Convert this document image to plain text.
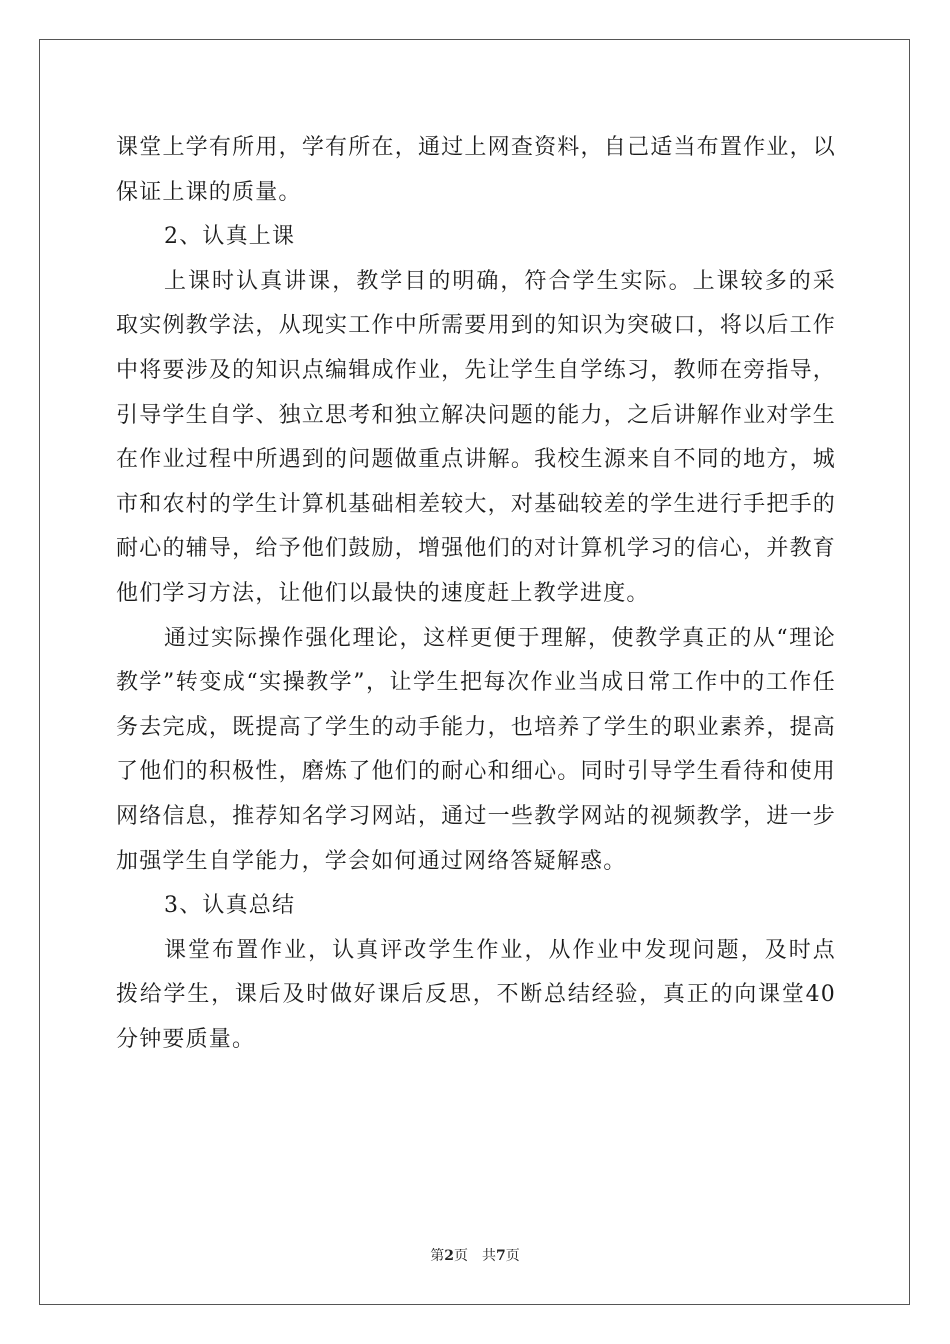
课堂上学有所用，学有所在，通过上网查资料，自己适当布置作业，以保证上课的质量。

2、认真上课

上课时认真讲课，教学目的明确，符合学生实际。上课较多的采取实例教学法，从现实工作中所需要用到的知识为突破口，将以后工作中将要涉及的知识点编辑成作业，先让学生自学练习，教师在旁指导，引导学生自学、独立思考和独立解决问题的能力，之后讲解作业对学生在作业过程中所遇到的问题做重点讲解。我校生源来自不同的地方，城市和农村的学生计算机基础相差较大，对基础较差的学生进行手把手的耐心的辅导，给予他们鼓励，增强他们的对计算机学习的信心，并教育他们学习方法，让他们以最快的速度赶上教学进度。

通过实际操作强化理论，这样更便于理解，使教学真正的从“理论教学”转变成“实操教学”，让学生把每次作业当成日常工作中的工作任务去完成，既提高了学生的动手能力，也培养了学生的职业素养，提高了他们的积极性，磨炼了他们的耐心和细心。同时引导学生看待和使用网络信息，推荐知名学习网站，通过一些教学网站的视频教学，进一步加强学生自学能力，学会如何通过网络答疑解惑。

3、认真总结

课堂布置作业，认真评改学生作业，从作业中发现问题，及时点拨给学生，课后及时做好课后反思，不断总结经验，真正的向课堂40分钟要质量。

第2页 共7页
